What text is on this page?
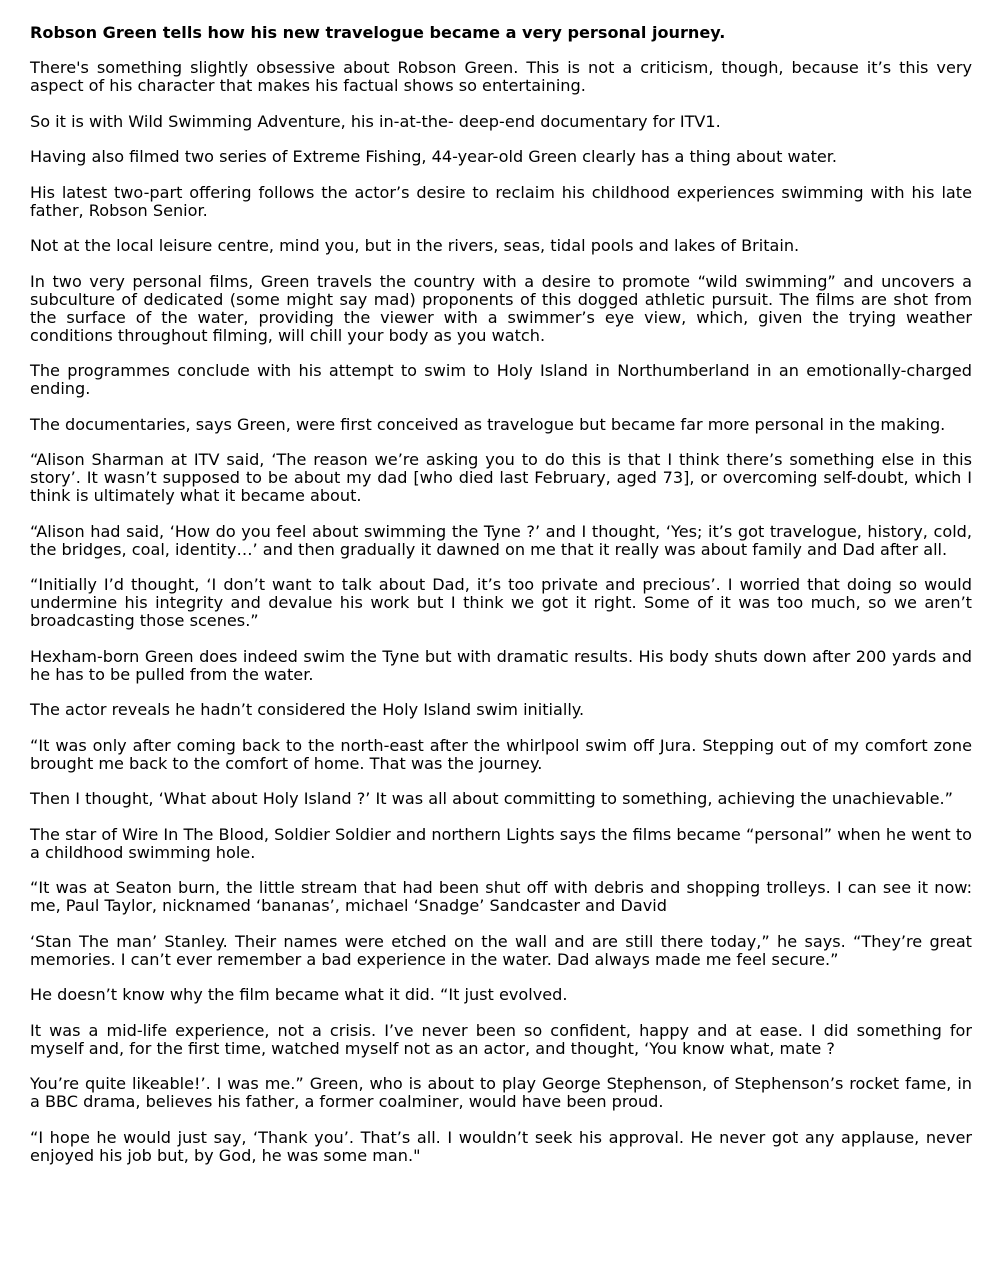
Robson Green tells how his new travelogue became a very personal journey.

There's something slightly obsessive about Robson Green. This is not a criticism, though, because it’s this very aspect of his character that makes his factual shows so entertaining.

So it is with Wild Swimming Adventure, his in-at-the- deep-end documentary for ITV1.

Having also filmed two series of Extreme Fishing, 44-year-old Green clearly has a thing about water.

His latest two-part offering follows the actor’s desire to reclaim his childhood experiences swimming with his late father, Robson Senior.

Not at the local leisure centre, mind you, but in the rivers, seas, tidal pools and lakes of Britain.

In two very personal films, Green travels the country with a desire to promote “wild swimming” and uncovers a subculture of dedicated (some might say mad) proponents of this dogged athletic pursuit. The films are shot from the surface of the water, providing the viewer with a swimmer’s eye view, which, given the trying weather conditions throughout filming, will chill your body as you watch.

The programmes conclude with his attempt to swim to Holy Island in Northumberland in an emotionally-charged ending.

The documentaries, says Green, were first conceived as travelogue but became far more personal in the making.

“Alison Sharman at ITV said, ‘The reason we’re asking you to do this is that I think there’s something else in this story’. It wasn’t supposed to be about my dad [who died last February, aged 73], or overcoming self-doubt, which I think is ultimately what it became about.

“Alison had said, ‘How do you feel about swimming the Tyne ?’ and I thought, ‘Yes; it’s got travelogue, history, cold, the bridges, coal, identity…’ and then gradually it dawned on me that it really was about family and Dad after all.

“Initially I’d thought, ‘I don’t want to talk about Dad, it’s too private and precious’. I worried that doing so would undermine his integrity and devalue his work but I think we got it right. Some of it was too much, so we aren’t broadcasting those scenes.”

Hexham-born Green does indeed swim the Tyne but with dramatic results. His body shuts down after 200 yards and he has to be pulled from the water.

The actor reveals he hadn’t considered the Holy Island swim initially.

“It was only after coming back to the north-east after the whirlpool swim off Jura. Stepping out of my comfort zone brought me back to the comfort of home. That was the journey.

Then I thought, ‘What about Holy Island ?’ It was all about committing to something, achieving the unachievable.”

The star of Wire In The Blood, Soldier Soldier and northern Lights says the films became “personal” when he went to a childhood swimming hole.

“It was at Seaton burn, the little stream that had been shut off with debris and shopping trolleys. I can see it now: me, Paul Taylor, nicknamed ‘bananas’, michael ‘Snadge’ Sandcaster and David

‘Stan The man’ Stanley. Their names were etched on the wall and are still there today,” he says. “They’re great memories. I can’t ever remember a bad experience in the water. Dad always made me feel secure.”

He doesn’t know why the film became what it did. “It just evolved.

It was a mid-life experience, not a crisis. I’ve never been so confident, happy and at ease. I did something for myself and, for the first time, watched myself not as an actor, and thought, ‘You know what, mate ?

You’re quite likeable!’. I was me.” Green, who is about to play George Stephenson, of Stephenson’s rocket fame, in a BBC drama, believes his father, a former coalminer, would have been proud.

“I hope he would just say, ‘Thank you’. That’s all. I wouldn’t seek his approval. He never got any applause, never enjoyed his job but, by God, he was some man."
